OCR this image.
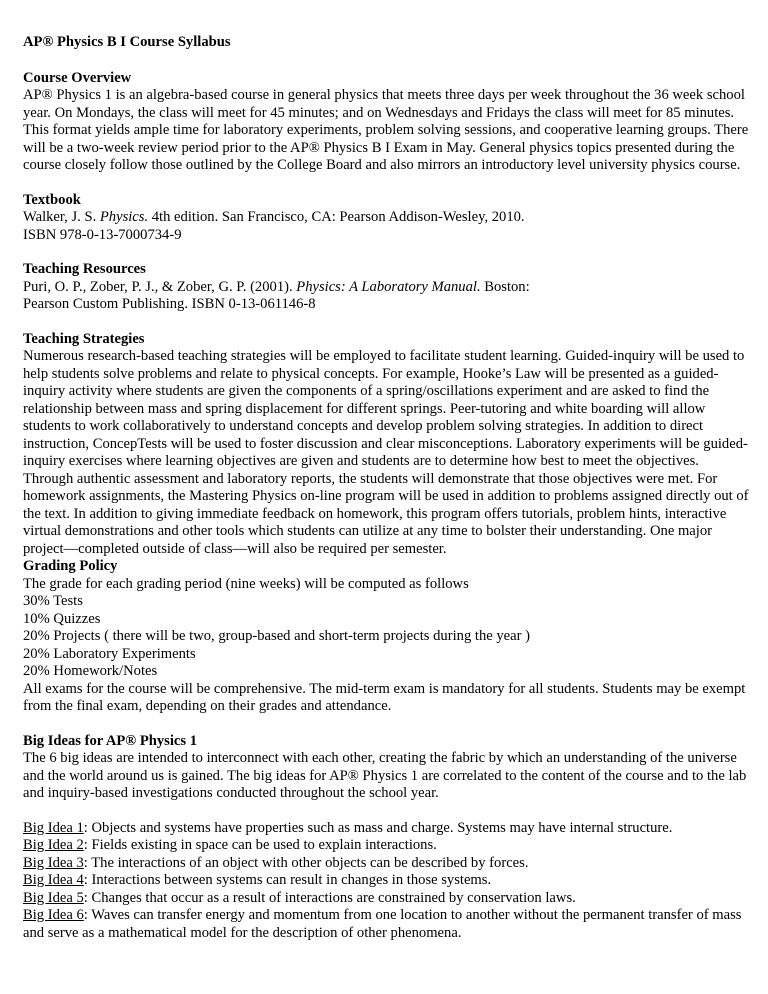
AP® Physics B I Course Syllabus
Course Overview
AP® Physics 1 is an algebra-based course in general physics that meets three days per week throughout the 36 week school year. On Mondays, the class will meet for 45 minutes; and on Wednesdays and Fridays the class will meet for 85 minutes. This format yields ample time for laboratory experiments, problem solving sessions, and cooperative learning groups. There will be a two-week review period prior to the AP® Physics B I Exam in May. General physics topics presented during the course closely follow those outlined by the College Board and also mirrors an introductory level university physics course.
Textbook
Walker, J. S. Physics. 4th edition. San Francisco, CA: Pearson Addison-Wesley, 2010.
ISBN 978-0-13-7000734-9
Teaching Resources
Puri, O. P., Zober, P. J., & Zober, G. P. (2001). Physics: A Laboratory Manual. Boston:
Pearson Custom Publishing. ISBN 0-13-061146-8
Teaching Strategies
Numerous research-based teaching strategies will be employed to facilitate student learning. Guided-inquiry will be used to help students solve problems and relate to physical concepts. For example, Hooke’s Law will be presented as a guided-inquiry activity where students are given the components of a spring/oscillations experiment and are asked to find the relationship between mass and spring displacement for different springs. Peer-tutoring and white boarding will allow students to work collaboratively to understand concepts and develop problem solving strategies. In addition to direct instruction, ConcepTests will be used to foster discussion and clear misconceptions. Laboratory experiments will be guided-inquiry exercises where learning objectives are given and students are to determine how best to meet the objectives. Through authentic assessment and laboratory reports, the students will demonstrate that those objectives were met. For homework assignments, the Mastering Physics on-line program will be used in addition to problems assigned directly out of the text. In addition to giving immediate feedback on homework, this program offers tutorials, problem hints, interactive virtual demonstrations and other tools which students can utilize at any time to bolster their understanding. One major project—completed outside of class—will also be required per semester.
Grading Policy
The grade for each grading period (nine weeks) will be computed as follows
30% Tests
10% Quizzes
20% Projects ( there will be two, group-based and short-term projects during the year )
20% Laboratory Experiments
20% Homework/Notes
All exams for the course will be comprehensive. The mid-term exam is mandatory for all students. Students may be exempt from the final exam, depending on their grades and attendance.
Big Ideas for AP® Physics 1
The 6 big ideas are intended to interconnect with each other, creating the fabric by which an understanding of the universe and the world around us is gained. The big ideas for AP® Physics 1 are correlated to the content of the course and to the lab and inquiry-based investigations conducted throughout the school year.
Big Idea 1: Objects and systems have properties such as mass and charge. Systems may have internal structure.
Big Idea 2: Fields existing in space can be used to explain interactions.
Big Idea 3: The interactions of an object with other objects can be described by forces.
Big Idea 4: Interactions between systems can result in changes in those systems.
Big Idea 5: Changes that occur as a result of interactions are constrained by conservation laws.
Big Idea 6: Waves can transfer energy and momentum from one location to another without the permanent transfer of mass and serve as a mathematical model for the description of other phenomena.
